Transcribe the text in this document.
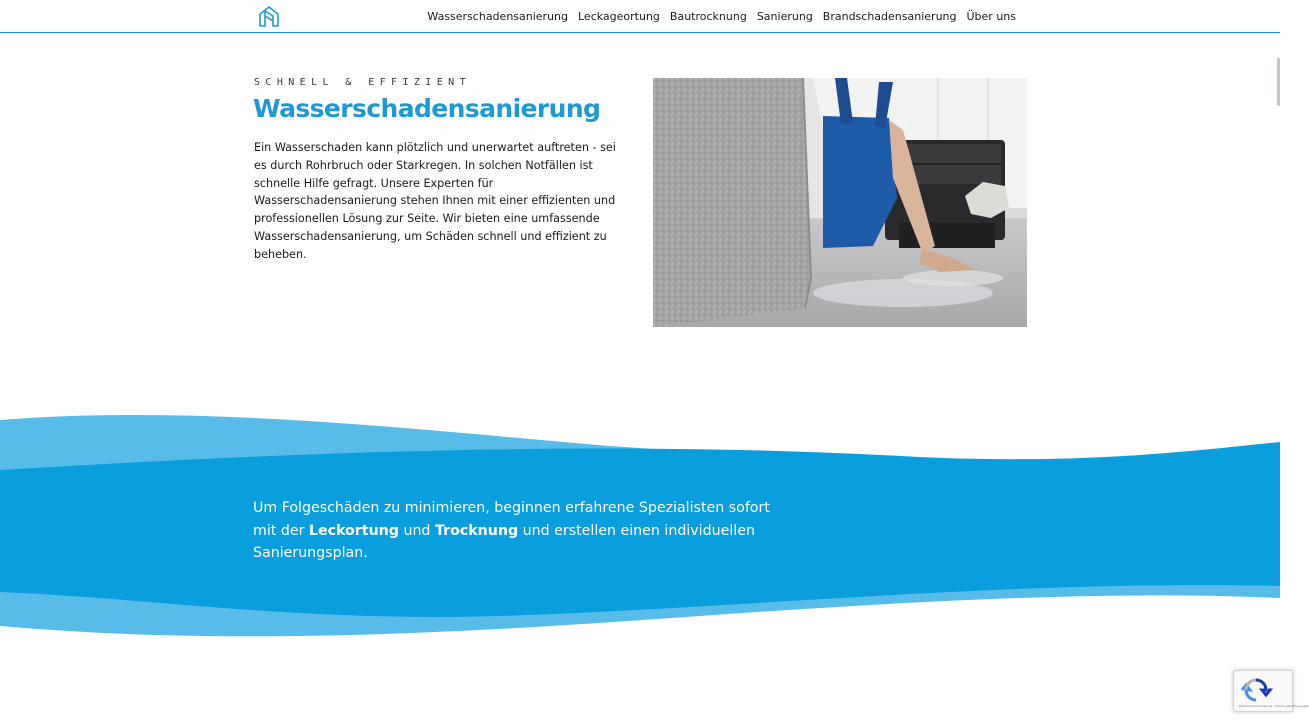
Wasserschadensanierung Leckageortung Bautrocknung Sanierung Brandschadensanierung Über uns
SCHNELL & EFFIZIENT
Wasserschadensanierung

Ein Wasserschaden kann plötzlich und unerwartet auftreten - sei es durch Rohrbruch oder Starkregen. In solchen Notfällen ist schnelle Hilfe gefragt. Unsere Experten für Wasserschadensanierung stehen Ihnen mit einer effizienten und professionellen Lösung zur Seite. Wir bieten eine umfassende Wasserschadensanierung, um Schäden schnell und effizient zu beheben.

Um Folgeschäden zu minimieren, beginnen erfahrene Spezialisten sofort mit der Leckortung und Trocknung und erstellen einen individuellen Sanierungsplan.

Datenschutzerklärung - Nutzungsbedingungen
